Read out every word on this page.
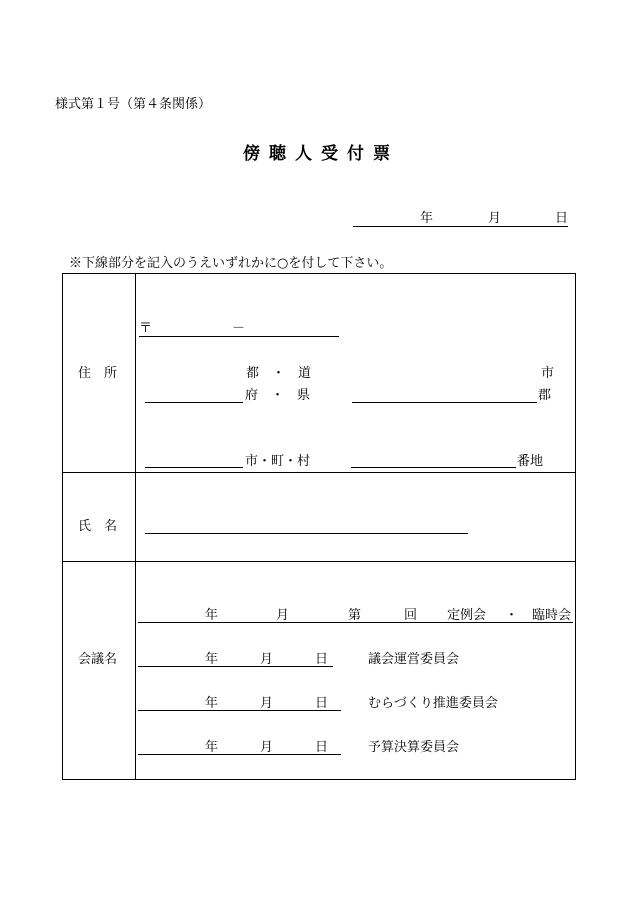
様式第１号（第４条関係）
傍聴人受付票
年	月	日
※下線部分を記入のうえいずれかに○を付して下さい。
住　所
〒	－
都　・　道
府　・　県
市
郡
市・町・村	番地
氏　名
会議名
年	月	第	回 定例会 ・ 臨時会
年	月	日	議会運営委員会
年	月	日	むらづくり推進委員会
年	月	日	予算決算委員会
